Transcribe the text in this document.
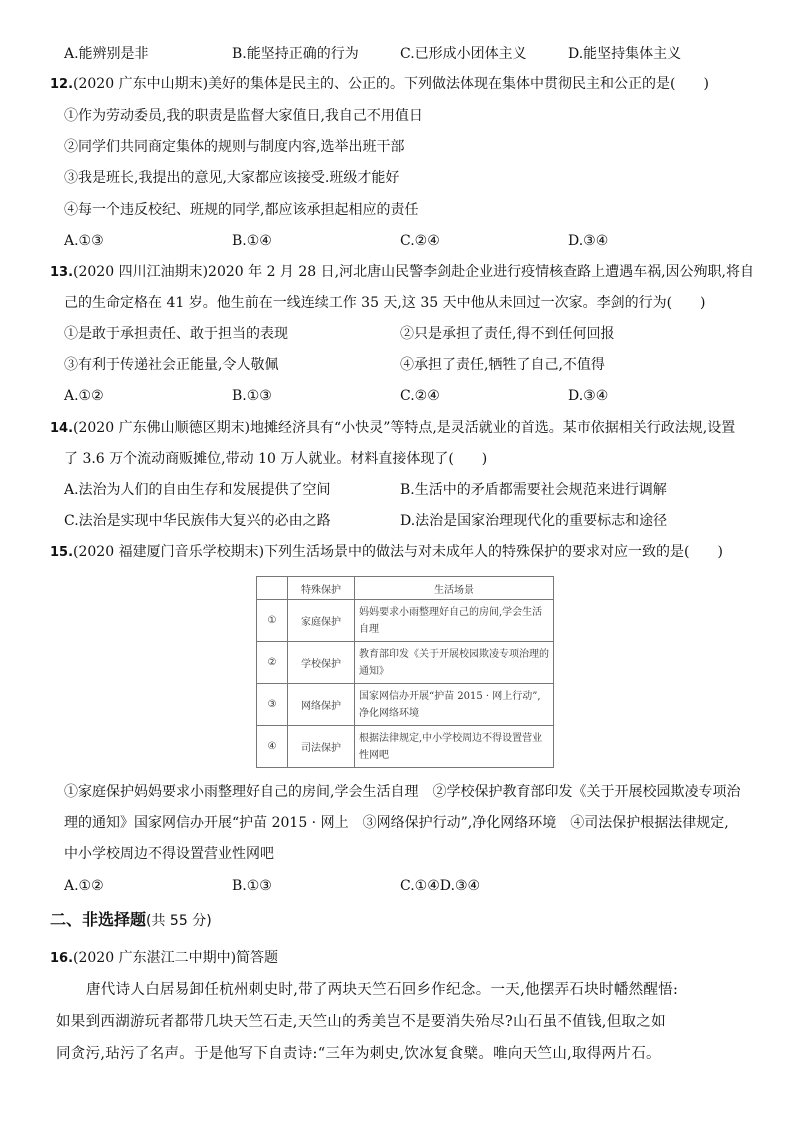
A.能辨别是非	B.能坚持正确的行为	C.已形成小团体主义	D.能坚持集体主义
12.(2020 广东中山期末)美好的集体是民主的、公正的。下列做法体现在集体中贯彻民主和公正的是(　　)
①作为劳动委员,我的职责是监督大家值日,我自己不用值日
②同学们共同商定集体的规则与制度内容,选举出班干部
③我是班长,我提出的意见,大家都应该接受.班级才能好
④每一个违反校纪、班规的同学,都应该承担起相应的责任
A.①③	B.①④	C.②④	D.③④
13.(2020 四川江油期末)2020 年 2 月 28 日,河北唐山民警李剑赴企业进行疫情核查路上遭遇车祸,因公殉职,将自
己的生命定格在 41 岁。他生前在一线连续工作 35 天,这 35 天中他从未回过一次家。李剑的行为(　　)
①是敢于承担责任、敢于担当的表现	②只是承担了责任,得不到任何回报
③有利于传递社会正能量,令人敬佩	④承担了责任,牺牲了自己,不值得
A.①②	B.①③	C.②④	D.③④
14.(2020 广东佛山顺德区期末)地摊经济具有“小快灵”等特点,是灵活就业的首选。某市依据相关行政法规,设置
了 3.6 万个流动商贩摊位,带动 10 万人就业。材料直接体现了(　　)
A.法治为人们的自由生存和发展提供了空间	B.生活中的矛盾都需要社会规范来进行调解
C.法治是实现中华民族伟大复兴的必由之路	D.法治是国家治理现代化的重要标志和途径
15.(2020 福建厦门音乐学校期末)下列生活场景中的做法与对未成年人的特殊保护的要求对应一致的是(　　)
	特殊保护	生活场景
①	家庭保护	妈妈要求小雨整理好自己的房间,学会生活自理
②	学校保护	教育部印发《关于开展校园欺凌专项治理的通知》
③	网络保护	国家网信办开展“护苗 2015 · 网上行动”,净化网络环境
④	司法保护	根据法律规定,中小学校周边不得设置营业性网吧
①家庭保护妈妈要求小雨整理好自己的房间,学会生活自理　②学校保护教育部印发《关于开展校园欺凌专项治
理的通知》国家网信办开展“护苗 2015 · 网上　③网络保护行动”,净化网络环境　④司法保护根据法律规定,
中小学校周边不得设置营业性网吧
A.①②	B.①③	C.①④D.③④
二、非选择题(共 55 分)
16.(2020 广东湛江二中期中)简答题
唐代诗人白居易卸任杭州刺史时,带了两块天竺石回乡作纪念。一天,他摆弄石块时幡然醒悟:
如果到西湖游玩者都带几块天竺石走,天竺山的秀美岂不是要消失殆尽?山石虽不值钱,但取之如
同贪污,玷污了名声。于是他写下自责诗:“三年为刺史,饮冰复食檗。唯向天竺山,取得两片石。
